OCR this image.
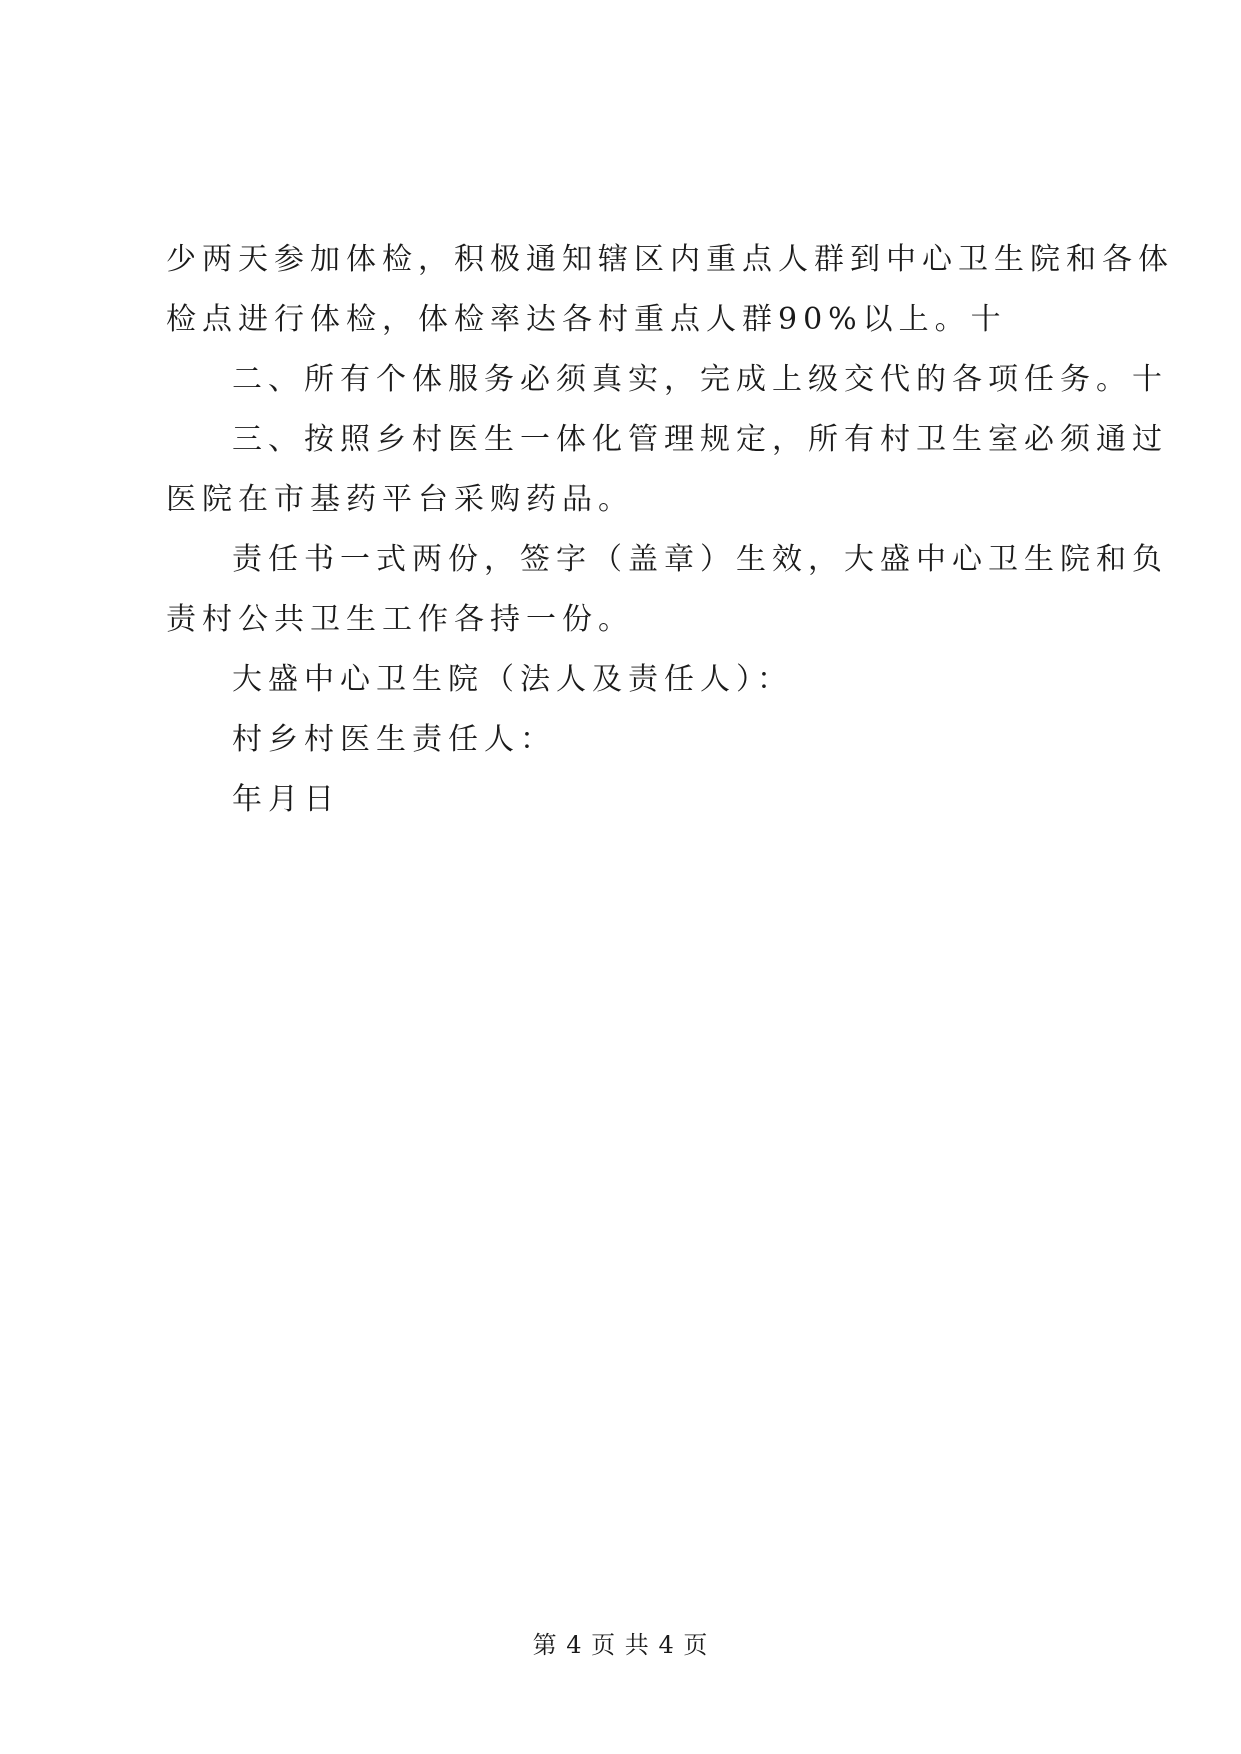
少两天参加体检，积极通知辖区内重点人群到中心卫生院和各体

检点进行体检，体检率达各村重点人群90%以上。十

二、所有个体服务必须真实，完成上级交代的各项任务。十

三、按照乡村医生一体化管理规定，所有村卫生室必须通过

医院在市基药平台采购药品。

责任书一式两份，签字（盖章）生效，大盛中心卫生院和负

责村公共卫生工作各持一份。

大盛中心卫生院（法人及责任人）：

村乡村医生责任人：

年月日

第 4 页 共 4 页
